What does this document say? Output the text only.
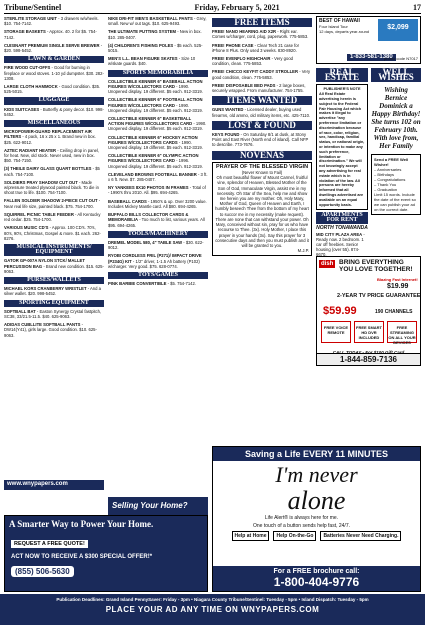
Tribune/Sentinel	Friday, February 5, 2021	17
STERLITE STORAGE UNIT - 3 drawers w/wheels. $10. 754-7142.
STORAGE BASKETS - Approx. 40. 2 for $5. 754-7142.
CUISINART PREMIUM SINGLE SERVE BREWER - $20. 598-5452.
LAWN & GARDEN
FIRE WOOD CUT-OFFS - Good for burning in fireplace or wood stoves. 1-10 yd dumpster. $30. 282-1308.
LARGE CLOTH HAMMOCK - Good condition. $35. 525-5015.
LUGGAGE
KIDS SUITCASES - Butterfly & pony decor. $10. 998-5452.
MISCELLANEOUS
MICROPOWER-GUARD REPLACEMENT AIR FILTERS - 4 pack, 16 x 25 x 1. Brand new in box. $25. 622-9012.
AZTEC RADIANT HEATER - Ceiling drop in panel, for heat. New, old stock. Never used, new in box. $50. 754-7150.
(3) THEILE DAIRY GLASS QUART BOTTLES - $5 each. 754-7100.
SOLDIERS PRAY SHADOW CUT OUT - Made w/pressure treated plywood painted black. To die in shoot true to life. $100. 754-7100.
FALLEN SOLDIER SHADOW 2-PIECE CUT OUT - Near real life size, painted black. $75. 754-1700.
SQUIRREL PICNIC TABLE FEEDER - All Kentucky red cedar. $25. 754-1700.
VARIOUS MUSIC CD'S - Approx. 100 CD's. 70's, 80's, 90's, Christmas, Gospel & more. $1 each. 262-8276.
MUSICAL INSTRUMENTS/ EQUIPMENT
GATOR GP-007A NYLON STCK/ MALLET PERCUSSION BAG - Brand new condition. $15. 625-9063.
PURSES/WALLETS
MICHAEL KORS CRANBERRY WRISTLET - And a silver wallet. $20. 998-5452.
SPORTING EQUIPMENT
SOFTBALL BAT - Easton Synergy Crystal fastpitch, SC38, 33/21.5-11.5. $40. 625-9063.
ADIDAS CUBLLITE SOFTBALL PANTS - DW14(Y41), girls large. Good condition. $10. 625-9063.
www.wnypapers.com
NIKE DRI-FIT MEN'S BASKETBALL PANTS - Grey, small. New w/ out tags. $10. 625-9493.
THE ULTIMATE PUTTING SYSTEM - New in box. $10. 285-0407.
(4) CHILDREN'S FISHING POLES - $5 each. 525-5015.
MEN'S L.L. BEAN FIGURE SKATES - Size 10 w/skate guards. $40.
SPORTS MEMORABILIA
COLLECTIBLE KENNER 6" BASEBALL ACTION FIGURES W/COLLECTORS CARD - 1990. Unopened display. 19 different. $5 each. 912-3319.
COLLECTIBLE KENNER 6" FOOTBALL ACTION FIGURES W/COLLECTORS CARD - 1990. Unopened display. 19 different. $5 each. 912-3319.
COLLECTIBLE KENNER 6" BASKETBALL ACTION FIGURES W/COLLECTORS CARD - 1990. Unopened display. 19 different. $5 each. 912-3319.
COLLECTIBLE KENNER 6" HOCKEY ACTION FIGURES W/COLLECTORS CARDS - 1990. Unopened display. 19 different. $5 each. 912-3319.
COLLECTIBLE KENNER 6" OLYMPIC ACTION FIGURES W/COLLECTORS CARD - 1996. Unopened display. 19 different. $5 each. 912-3319.
CLEVELAND BROWNS FOOTBALL BANNER - 3 ft. x 6 ft. New. $7. 285-0407.
NY YANKEES 8X10 PHOTOS IN FRAMES - Total of - 1990's thru 2010. All. $95. 694-4265.
BASEBALL CARDS - 1950's & up. Over 3200 value. Includes Mickey Mantle card. All $80. 694-4265.
BUFFALO BILLS COLLECTOR CARDS & MEMORABILIA - Too much to list, various years. All $95. 694-4265.
TOOLS/MACHINERY
DREMEL MODEL 580, 4" TABLE SAW - $30. 622-9012.
RYOBI CORDLESS FRIL (P271)/ IMPACT DRIVE (P234G) KIT - 1/2" driver, 1-1.5 Ah battery (P102) w/charger. Very good. $75. 628-0774.
TOYS/GAMES
PINK BARBIE CONVERTIBLE - $5. 754-7142.
Selling Your Home?
FREE ITEMS
FREE! NANO HEARING AID X2R - Right ear. Comes w/charger, cord, plug, paperwork. 775-5853.
FREE! PHONE CASE - Clear Tech 21 case for iPhone 8 Plus. Only used 3 weeks. 830-8920.
FREE! EVENFLO HIGHCHAIR - Very good condition, clean. 775-5853.
FREE! CHICCO KEYFIT CADDY STROLLER - Very good condition, clean. 775-5853.
FREE! DISPOSABLE BED PADS - 2 large boxes, securely wrapped. From manufacturer. 754-1755.
ITEMS WANTED
GUNS WANTED - Licensed dealer, buying used firearms, old ammo, old military items, etc. 425-7110.
LOST & FOUND
KEYS FOUND - On Saturday 8/1 at dusk, at Stony Point and East River (North end of island). Call NFP to describe. 773-7676.
NOVENAS
PRAYER OF THE BLESSED VIRGIN
(Never Known to Fail)
Oh most beautiful flower of Mount Carmel, fruitful vine, splendor of Heaven, Blessed Mother of the Son of God, Immaculate Virgin, assist me in my necessity. Oh Star of the Sea, help me and show me herein you are my mother. Oh, Holy Mary, Mother of God, Queen of Heaven and Earth, I humbly beseech Thee from the bottom of my heart to succor me in my necessity (make request). There are none that can withstand your power. Oh Mary, conceived without sin, pray for us who have recourse to Thee. (3x). Holy Mother, I place this prayer in your hands (3x). Say this prayer for 3 consecutive days and then you must publish and it will be granted to you.
M.J.P.
BEST OF HAWAII
Four Island Tour
12 days, departs year-round
$2,099
1-833-581-1380
promo code N7017
REAL ESTATE
PUBLISHER'S NOTE
All Real Estate advertising herein is subject to the Federal Fair Housing Act which makes it illegal to advertise "any preference limitation or discrimination because of race, color, religion, sex, handicap, familial status, or national origin, or intention to make any such preference, limitation or discrimination." We will not knowingly accept any advertising for real estate which is in violation of the law. All persons are hereby informed that all dwellings advertised are available on an equal opportunity basis.
WELL WISHES
Wishing
Bernice Dominick a
Happy Birthday!
She turns 102 on
February 10th.
With love from,
Her Family
Send a FREE Well Wisher!
– Anniversaries
– Birthdays
– Congratulations
– Thank You
– Graduation
Limit 15 words. Include the date of the event so we can publish your ad on the correct date.
APARTMENTS FOR RENT
NORTH TONAWANDA
MID CITY PLAZA AREA - Ready now. 2 bedroom. 1 car off freebies. Senior housing (over 55). 874-6670.
dish BRING EVERYTHING YOU LOVE TOGETHER!
Blazing Fast Internet!
$19.99
2-YEAR TV PRICE GUARANTEE
$59.99	190 CHANNELS
FREE VOICE REMOTE
FREE SMART HD DVR INCLUDED
FREE STREAMING ON ALL YOUR DEVICES
1-844-859-7136
A Smarter Way to Power Your Home.
REQUEST A FREE QUOTE!
ACT NOW TO RECEIVE A $300 SPECIAL OFFER!*
(855) 506-5630
Saving a Life EVERY 11 MINUTES
I'm never
alone
Life Alert® is always here for me.
One touch of a button sends help fast, 24/7.
Help at Home	Help On-the-Go	Batteries Never Need Charging.
For a FREE brochure call:
1-800-404-9776
Publication Deadlines: Grand Island PennySaver: Friday - 3pm • Niagara County Tribune/Sentinel: Tuesday - 5pm • Island Dispatch: Tuesday - 5pm
PLACE YOUR AD ANY TIME ON WNYPAPERS.COM
